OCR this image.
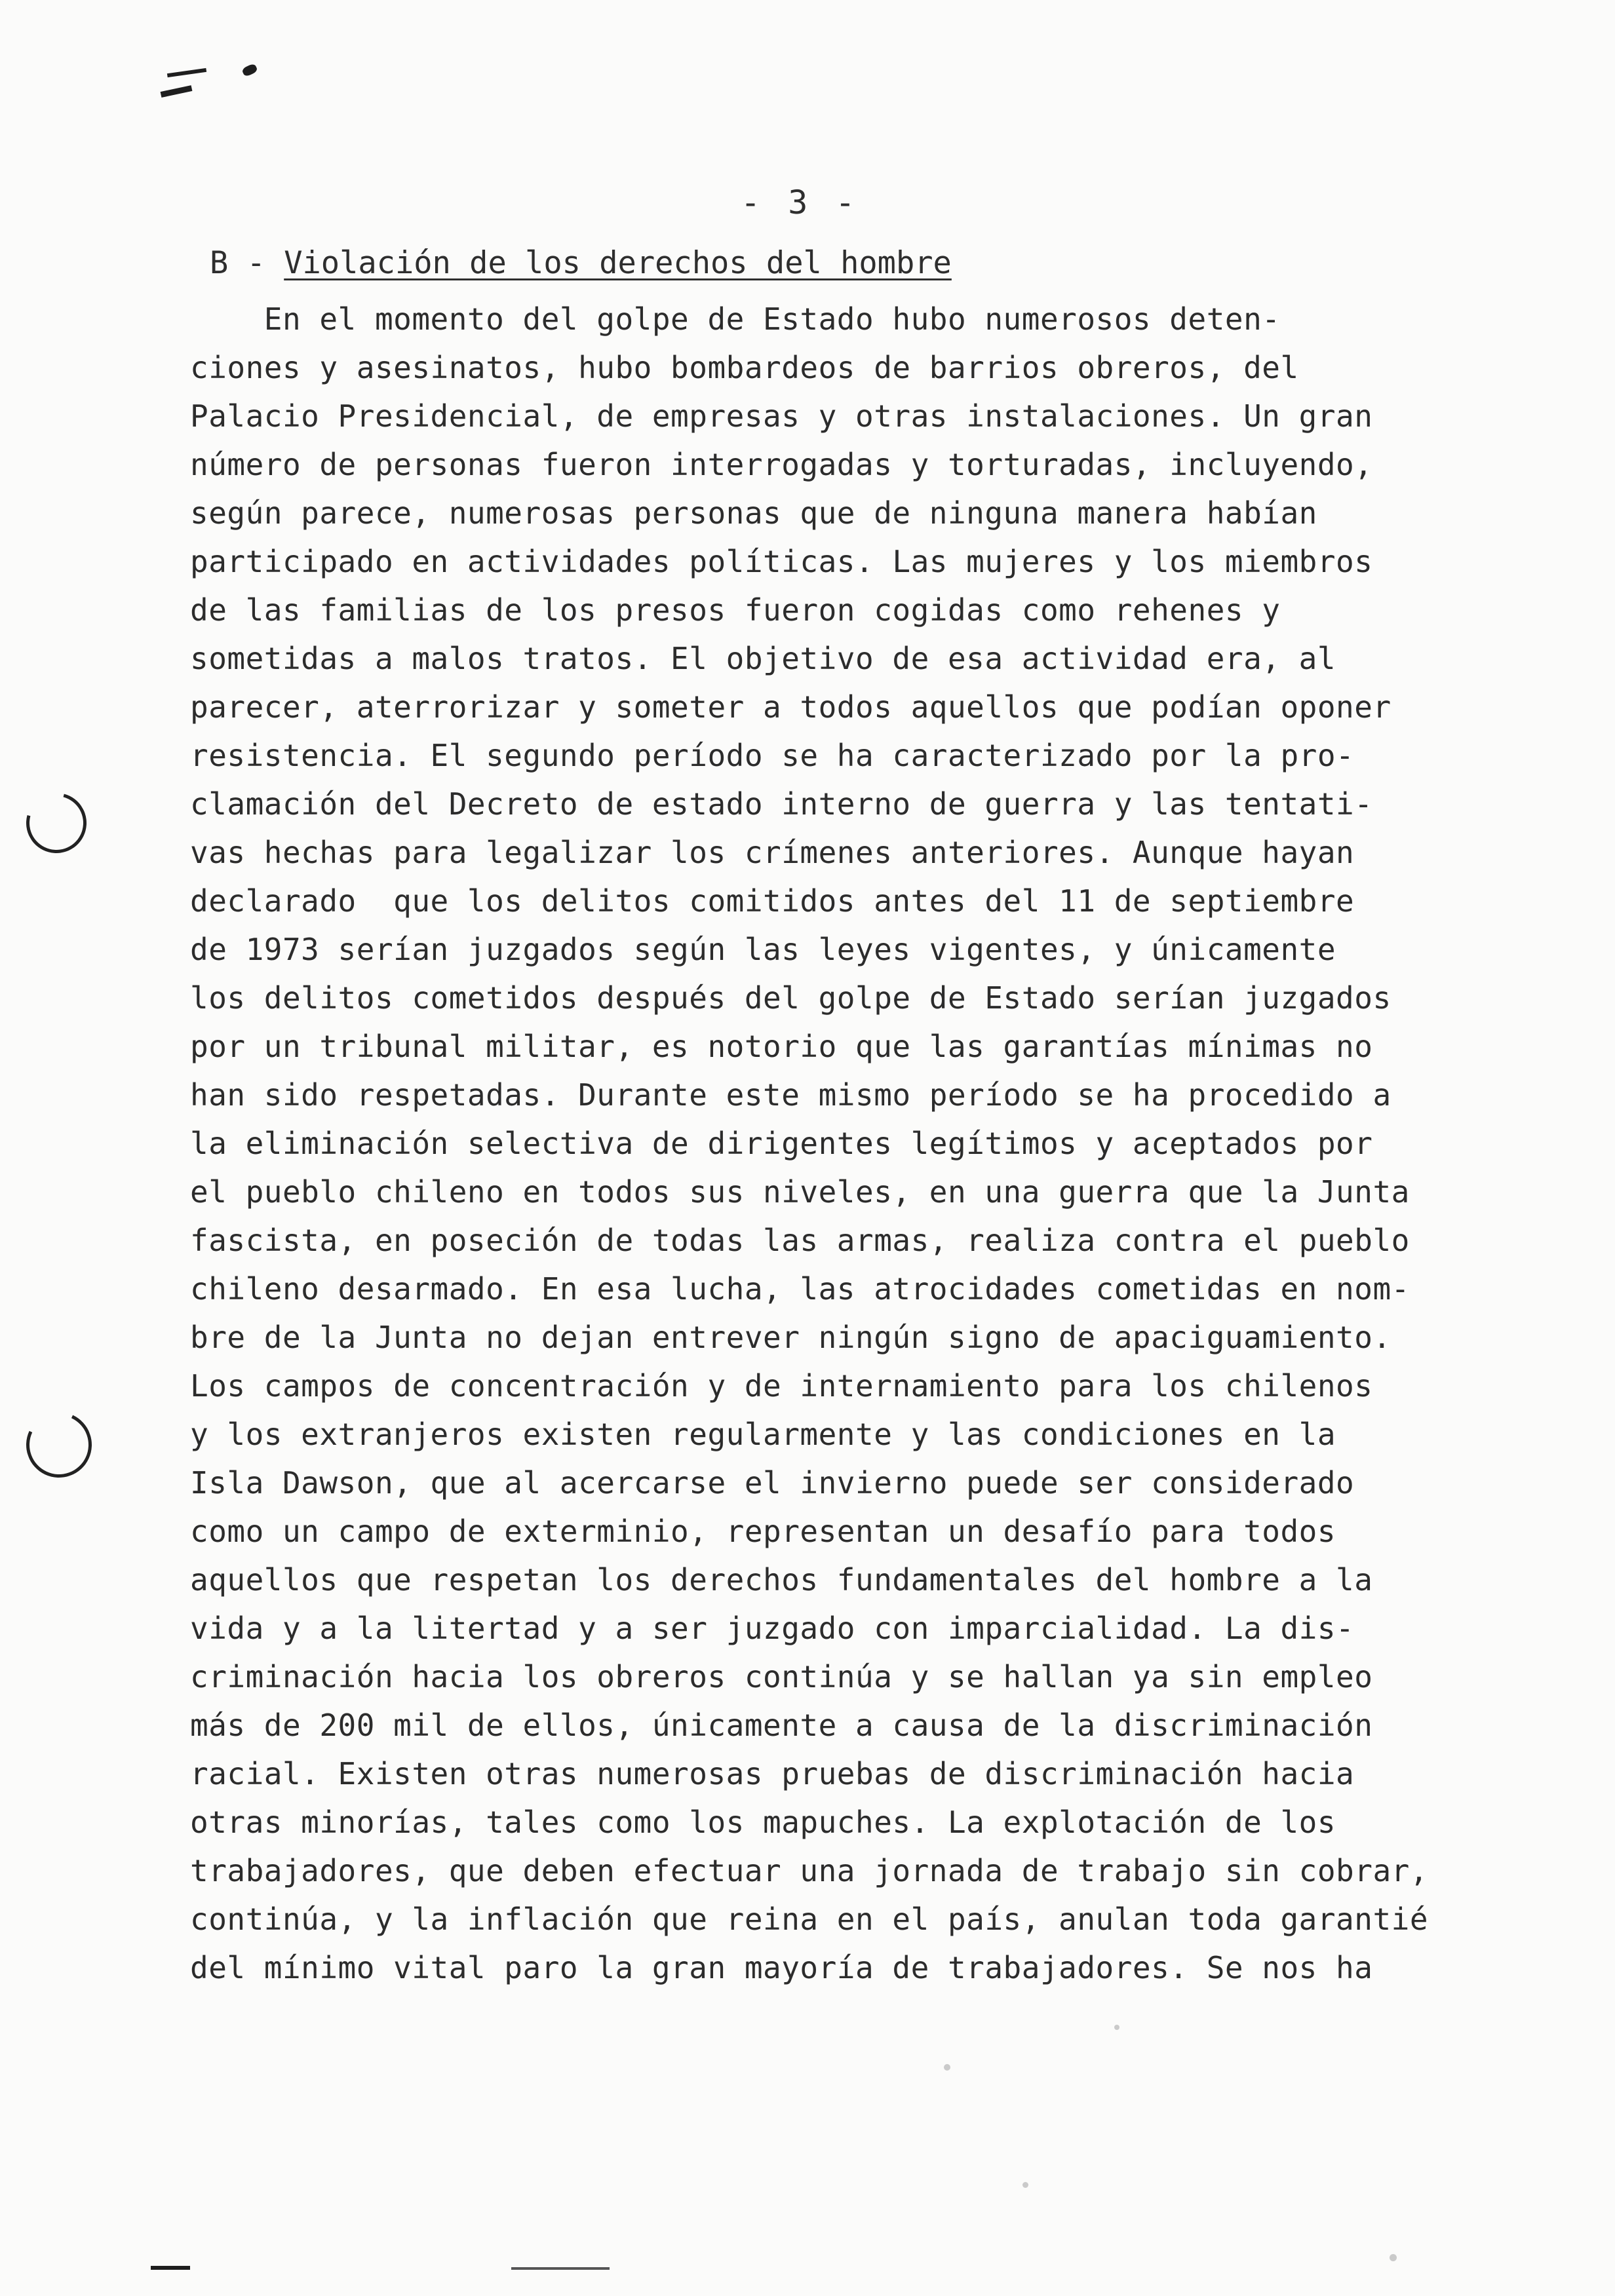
- 3 -
B - Violación de los derechos del hombre
En el momento del golpe de Estado hubo numerosos deten-
ciones y asesinatos, hubo bombardeos de barrios obreros, del
Palacio Presidencial, de empresas y otras instalaciones. Un gran
número de personas fueron interrogadas y torturadas, incluyendo,
según parece, numerosas personas que de ninguna manera habían
participado en actividades políticas. Las mujeres y los miembros
de las familias de los presos fueron cogidas como rehenes y
sometidas a malos tratos. El objetivo de esa actividad era, al
parecer, aterrorizar y someter a todos aquellos que podían oponer
resistencia. El segundo período se ha caracterizado por la pro-
clamación del Decreto de estado interno de guerra y las tentati-
vas hechas para legalizar los crímenes anteriores. Aunque hayan
declarado  que los delitos comitidos antes del 11 de septiembre
de 1973 serían juzgados según las leyes vigentes, y únicamente
los delitos cometidos después del golpe de Estado serían juzgados
por un tribunal militar, es notorio que las garantías mínimas no
han sido respetadas. Durante este mismo período se ha procedido a
la eliminación selectiva de dirigentes legítimos y aceptados por
el pueblo chileno en todos sus niveles, en una guerra que la Junta
fascista, en poseción de todas las armas, realiza contra el pueblo
chileno desarmado. En esa lucha, las atrocidades cometidas en nom-
bre de la Junta no dejan entrever ningún signo de apaciguamiento.
Los campos de concentración y de internamiento para los chilenos
y los extranjeros existen regularmente y las condiciones en la
Isla Dawson, que al acercarse el invierno puede ser considerado
como un campo de exterminio, representan un desafío para todos
aquellos que respetan los derechos fundamentales del hombre a la
vida y a la litertad y a ser juzgado con imparcialidad. La dis-
criminación hacia los obreros continúa y se hallan ya sin empleo
más de 200 mil de ellos, únicamente a causa de la discriminación
racial. Existen otras numerosas pruebas de discriminación hacia
otras minorías, tales como los mapuches. La explotación de los
trabajadores, que deben efectuar una jornada de trabajo sin cobrar,
continúa, y la inflación que reina en el país, anulan toda garantié
del mínimo vital paro la gran mayoría de trabajadores. Se nos ha
